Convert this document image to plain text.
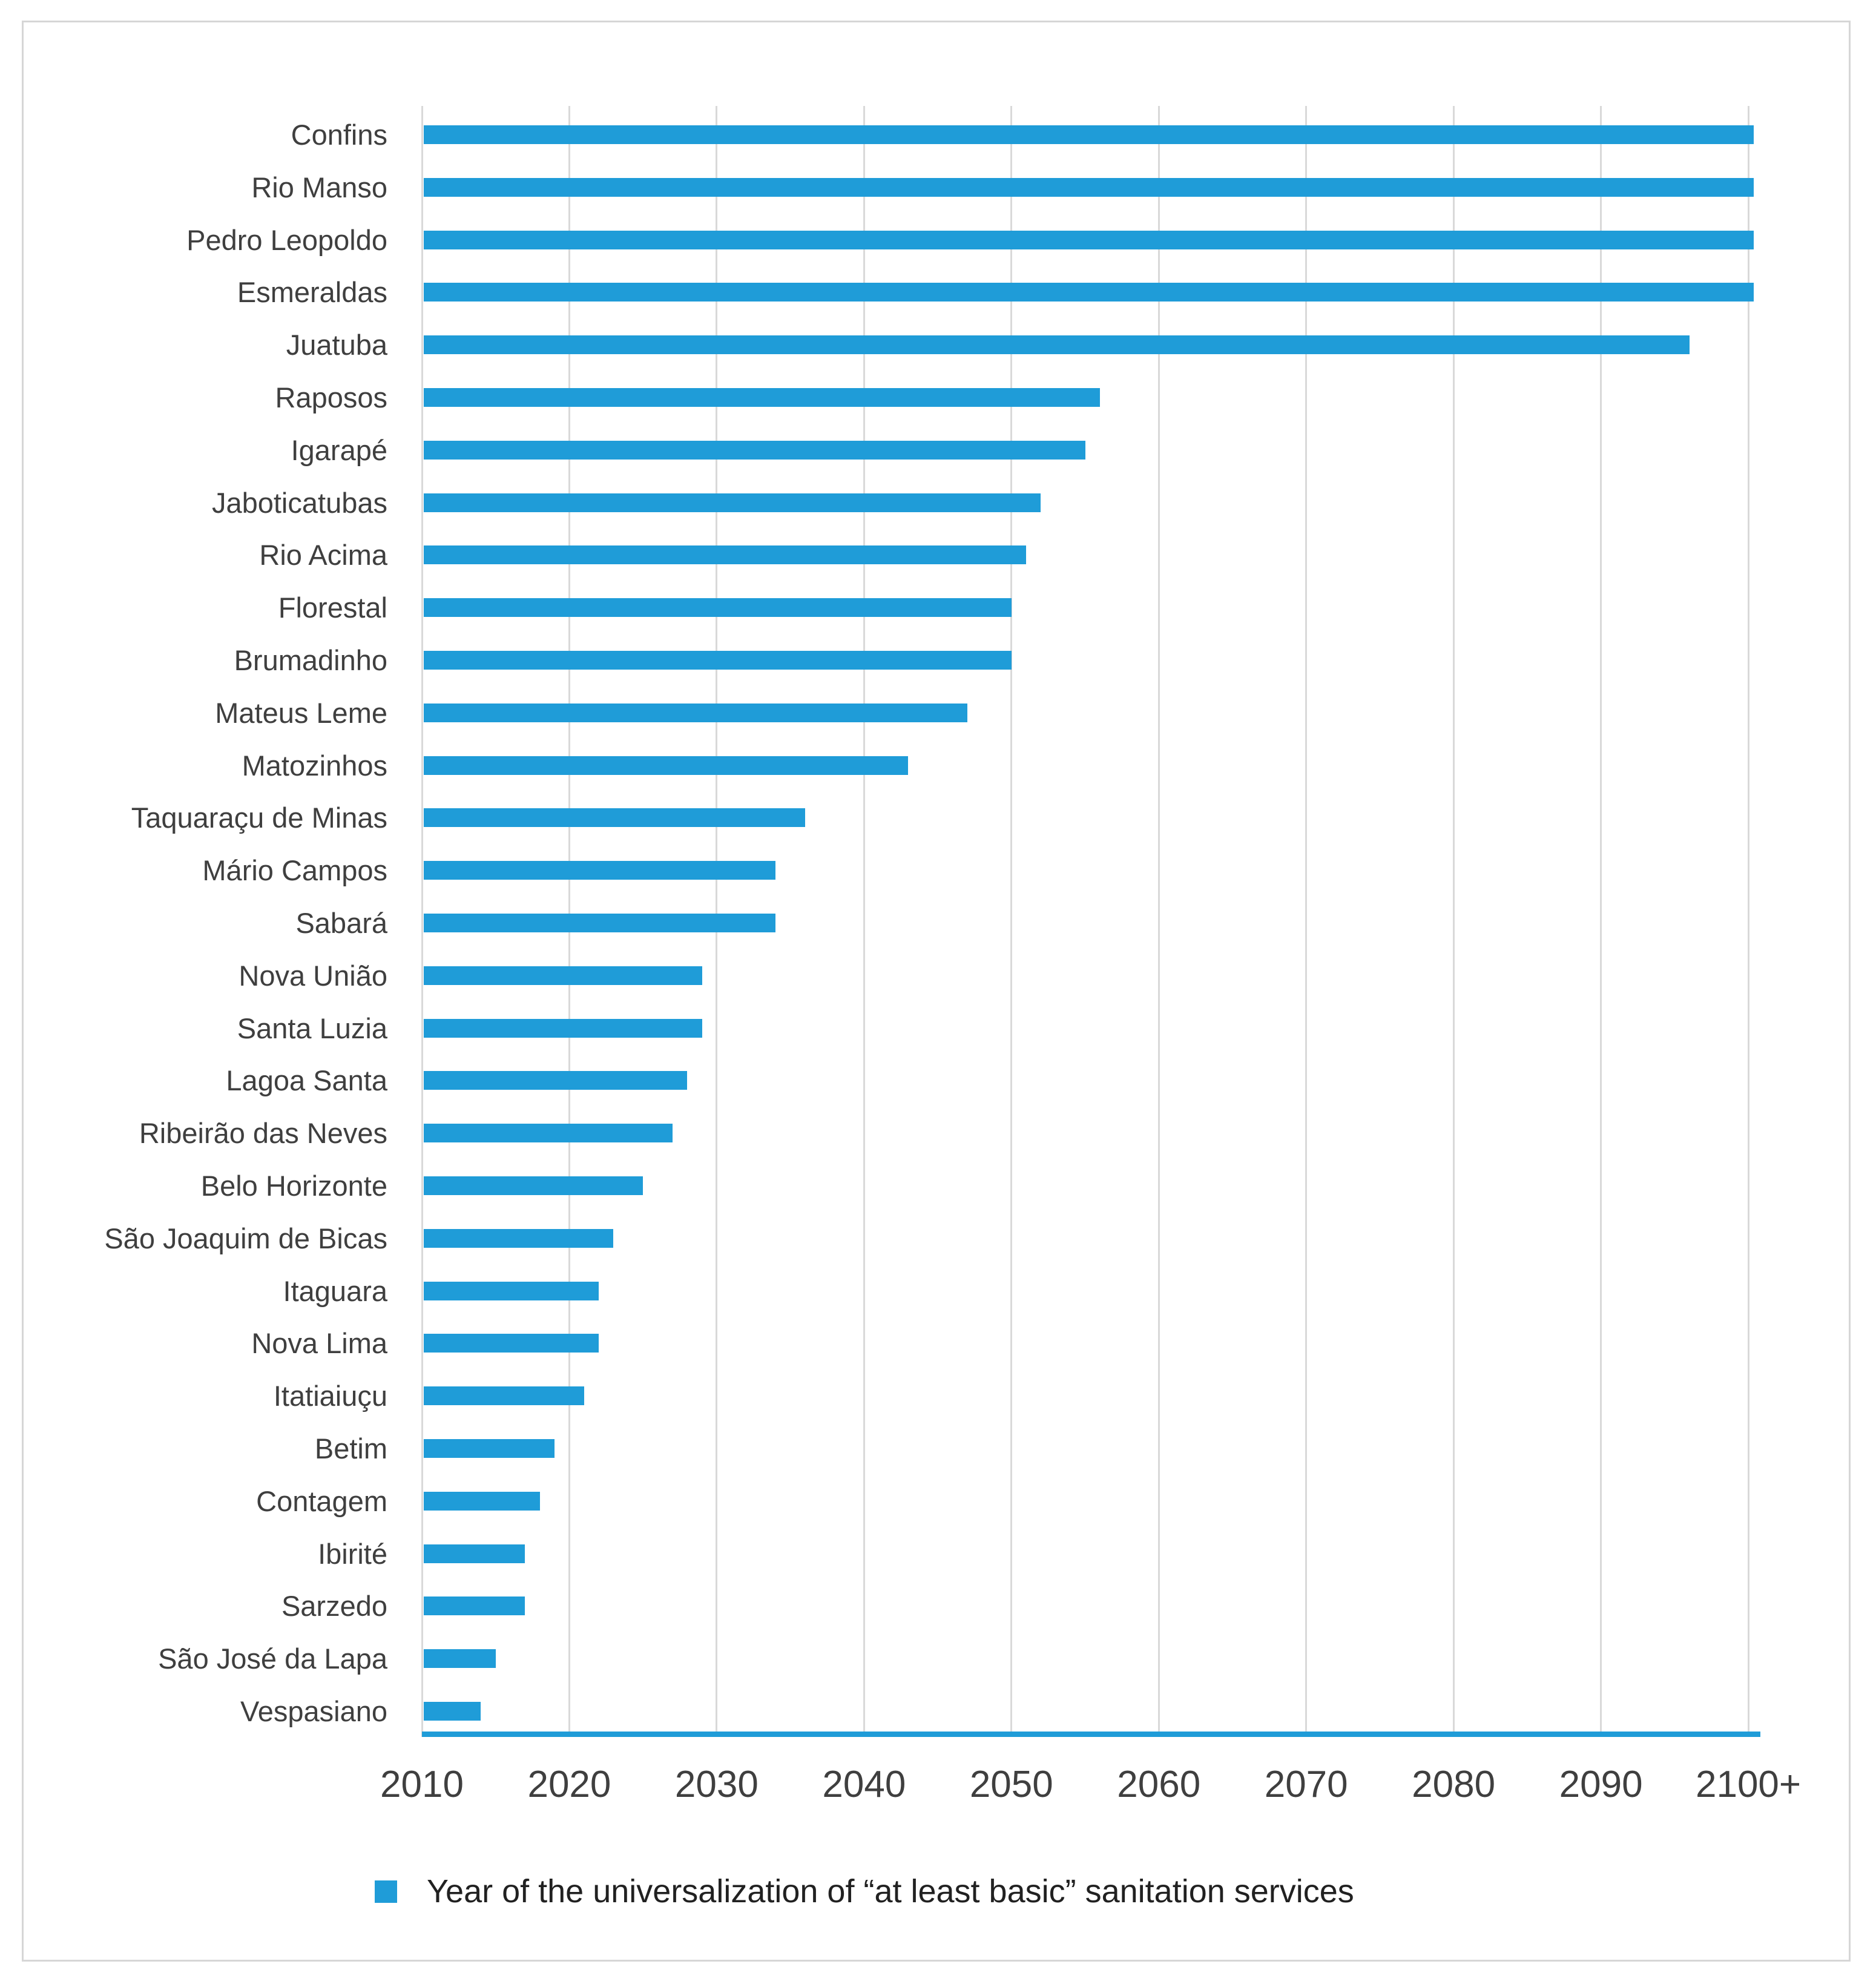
Confins
Rio Manso
Pedro Leopoldo
Esmeraldas
Juatuba
Raposos
Igarapé
Jaboticatubas
Rio Acima
Florestal
Brumadinho
Mateus Leme
Matozinhos
Taquaraçu de Minas
Mário Campos
Sabará
Nova União
Santa Luzia
Lagoa Santa
Ribeirão das Neves
Belo Horizonte
São Joaquim de Bicas
Itaguara
Nova Lima
Itatiaiuçu
Betim
Contagem
Ibirité
Sarzedo
São José da Lapa
Vespasiano
2010 2020 2030 2040 2050 2060 2070 2080 2090 2100+
Year of the universalization of “at least basic” sanitation services
